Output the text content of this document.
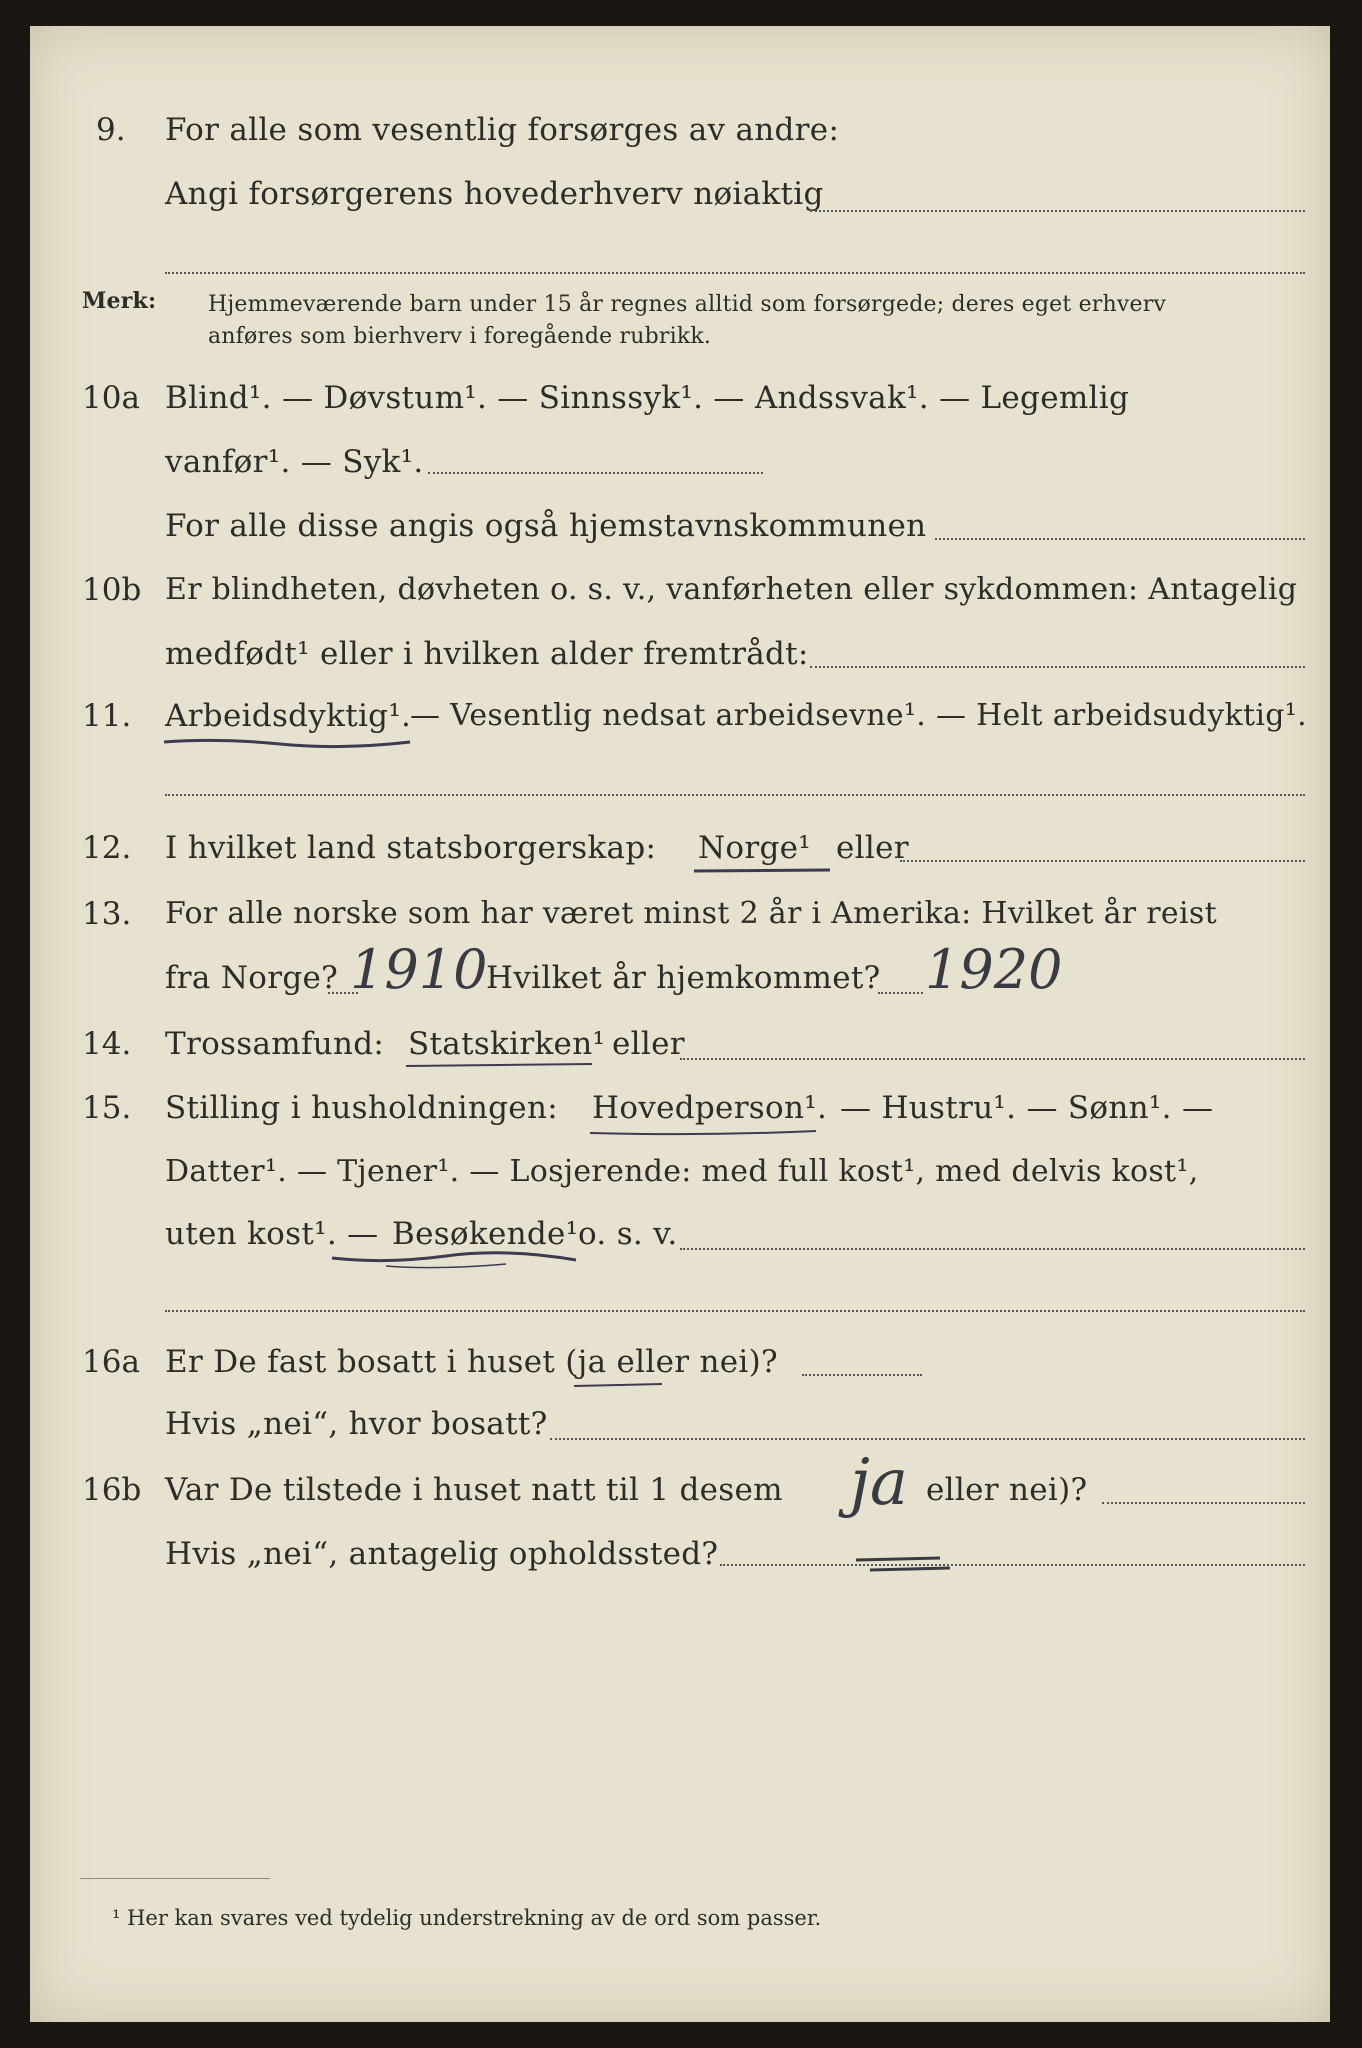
9. For alle som vesentlig forsørges av andre:
Angi forsørgerens hovederhverv nøiaktig
Merk: Hjemmeværende barn under 15 år regnes alltid som forsørgede; deres eget erhverv
anføres som bierhverv i foregående rubrikk.
10a Blind¹. — Døvstum¹. — Sinnssyk¹. — Andssvak¹. — Legemlig
vanfør¹. — Syk¹.
For alle disse angis også hjemstavnskommunen
10b Er blindheten, døvheten o. s. v., vanførheten eller sykdommen: Antagelig
medfødt¹ eller i hvilken alder fremtrådt:
11. Arbeidsdyktig¹.
— Vesentlig nedsat arbeidsevne¹. — Helt arbeidsudyktig¹.
12. I hvilket land statsborgerskap: Norge¹ eller
13. For alle norske som har været minst 2 år i Amerika: Hvilket år reist
fra Norge? 1910
Hvilket år hjemkommet? 1920
14. Trossamfund: Statskirken¹ eller
15. Stilling i husholdningen: Hovedperson¹. — Hustru¹. — Sønn¹. —
Datter¹. — Tjener¹. — Losjerende: med full kost¹, med delvis kost¹,
uten kost¹. — Besøkende¹ o. s. v.
16a Er De fast bosatt i huset (ja eller nei)?
Hvis „nei“, hvor bosatt?
16b Var De tilstede i huset natt til 1 desem ja eller nei)?
Hvis „nei“, antagelig opholdssted?
¹ Her kan svares ved tydelig understrekning av de ord som passer.
